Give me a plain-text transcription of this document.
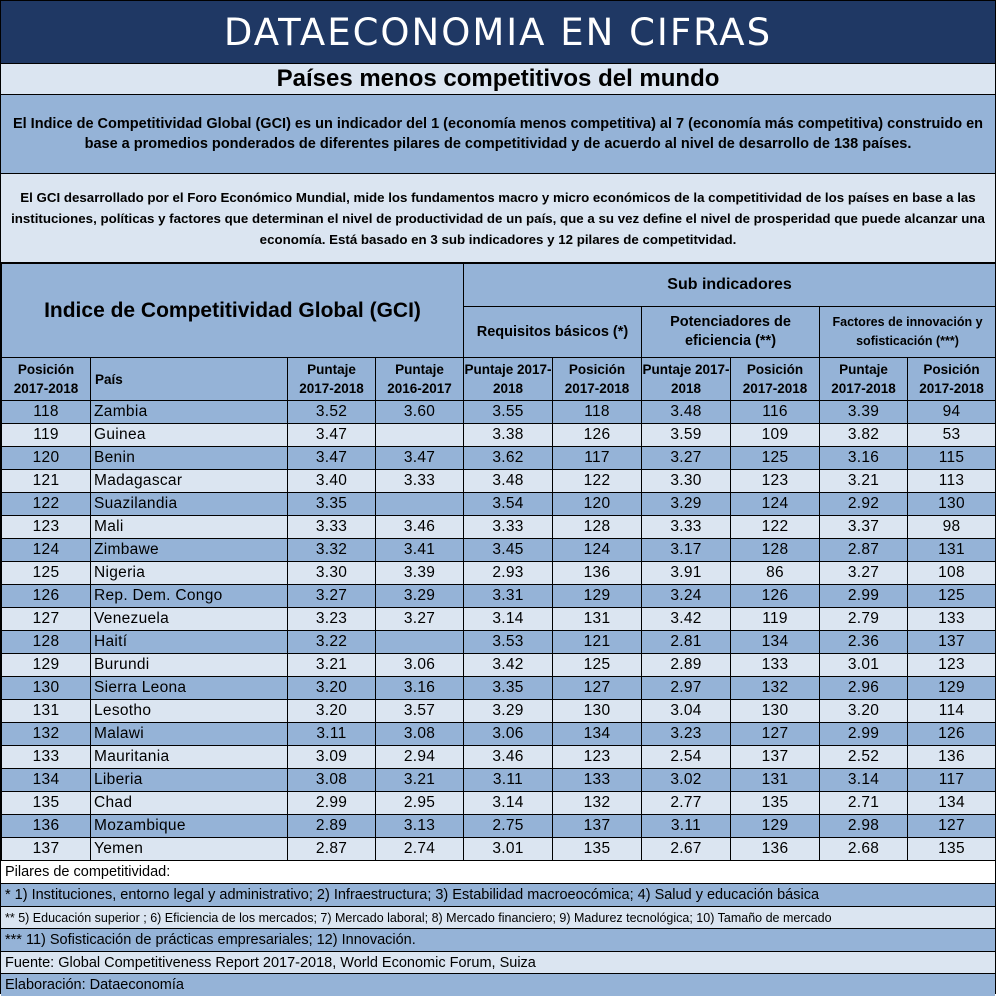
DATAECONOMIA EN CIFRAS
Países menos competitivos del mundo
El Indice de Competitividad Global (GCI) es un indicador del 1 (economía menos competitiva) al 7 (economía más competitiva) construido en base a promedios ponderados de diferentes pilares de competitividad y de acuerdo al nivel de desarrollo de 138 países.
El GCI desarrollado por el Foro Económico Mundial, mide los fundamentos macro y micro económicos de la competitividad de los países en base a las instituciones, políticas y factores que determinan el nivel de productividad de un país, que a su vez define el nivel de prosperidad que puede alcanzar una economía. Está basado en 3 sub indicadores y 12 pilares de competitvidad.
Indice de Competitividad Global (GCI)				Sub indicadores					
				Requisitos básicos (*)		Potenciadores de eficiencia (**)		Factores de innovación y sofisticación (***)	
Posición 2017-2018	País	Puntaje 2017-2018	Puntaje 2016-2017	Puntaje 2017-2018	Posición 2017-2018	Puntaje 2017-2018	Posición 2017-2018	Puntaje 2017-2018	Posición 2017-2018
118	Zambia	3.52	3.60	3.55	118	3.48	116	3.39	94
119	Guinea	3.47		3.38	126	3.59	109	3.82	53
120	Benin	3.47	3.47	3.62	117	3.27	125	3.16	115
121	Madagascar	3.40	3.33	3.48	122	3.30	123	3.21	113
122	Suazilandia	3.35		3.54	120	3.29	124	2.92	130
123	Mali	3.33	3.46	3.33	128	3.33	122	3.37	98
124	Zimbawe	3.32	3.41	3.45	124	3.17	128	2.87	131
125	Nigeria	3.30	3.39	2.93	136	3.91	86	3.27	108
126	Rep. Dem. Congo	3.27	3.29	3.31	129	3.24	126	2.99	125
127	Venezuela	3.23	3.27	3.14	131	3.42	119	2.79	133
128	Haití	3.22		3.53	121	2.81	134	2.36	137
129	Burundi	3.21	3.06	3.42	125	2.89	133	3.01	123
130	Sierra Leona	3.20	3.16	3.35	127	2.97	132	2.96	129
131	Lesotho	3.20	3.57	3.29	130	3.04	130	3.20	114
132	Malawi	3.11	3.08	3.06	134	3.23	127	2.99	126
133	Mauritania	3.09	2.94	3.46	123	2.54	137	2.52	136
134	Liberia	3.08	3.21	3.11	133	3.02	131	3.14	117
135	Chad	2.99	2.95	3.14	132	2.77	135	2.71	134
136	Mozambique	2.89	3.13	2.75	137	3.11	129	2.98	127
137	Yemen	2.87	2.74	3.01	135	2.67	136	2.68	135
Pilares de competitividad:
* 1) Instituciones, entorno legal y administrativo; 2) Infraestructura; 3) Estabilidad macroeocómica; 4) Salud y educación básica
** 5) Educación superior ; 6) Eficiencia de los mercados; 7) Mercado laboral; 8) Mercado financiero; 9) Madurez tecnológica; 10) Tamaño de mercado
*** 11) Sofisticación de prácticas empresariales; 12) Innovación.
Fuente: Global Competitiveness Report 2017-2018, World Economic Forum, Suiza
Elaboración: Dataeconomía
